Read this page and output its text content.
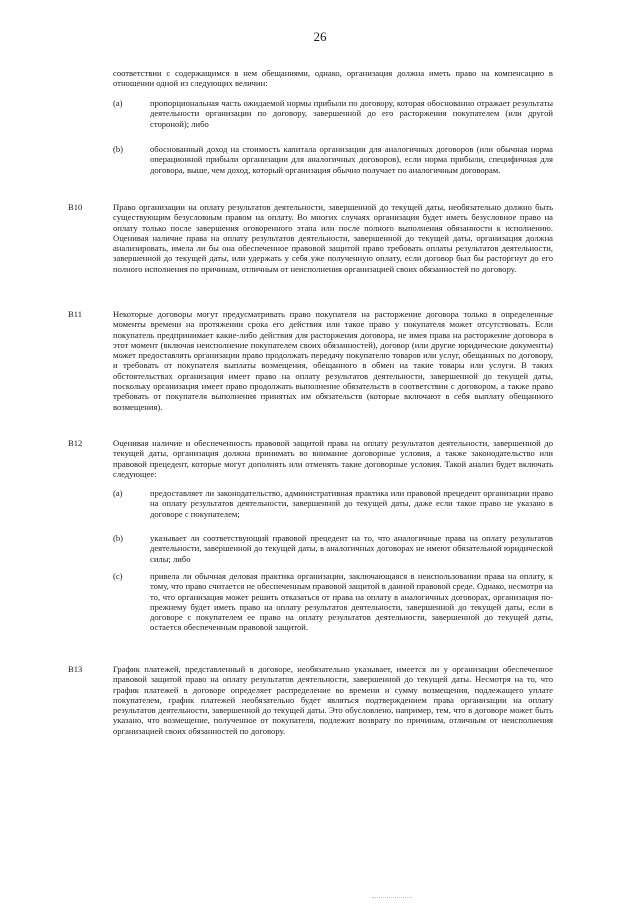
26
соответствии с содержащимся в нем обещаниями, однако, организация должна иметь право на компенсацию в отношении одной из следующих величин:
(a)	пропорциональная часть ожидаемой нормы прибыли по договору, которая обоснованно отражает результаты деятельности организации по договору, завершенной до его расторжения покупателем (или другой стороной); либо
(b)	обоснованный доход на стоимость капитала организации для аналогичных договоров (или обычная норма операционной прибыли организации для аналогичных договоров), если норма прибыли, специфичная для договора, выше, чем доход, который организация обычно получает по аналогичным договорам.
B10	Право организации на оплату результатов деятельности, завершенной до текущей даты, необязательно должно быть существующим безусловным правом на оплату. Во многих случаях организация будет иметь безусловное право на оплату только после завершения оговоренного этапа или после полного выполнения обязанности к исполнению. Оценивая наличие права на оплату результатов деятельности, завершенной до текущей даты, организация должна анализировать, имела ли бы она обеспеченное правовой защитой право требовать оплаты результатов деятельности, завершенной до текущей даты, или удержать у себя уже полученную оплату, если договор был бы расторгнут до его полного исполнения по причинам, отличным от неисполнения организацией своих обязанностей по договору.
B11	Некоторые договоры могут предусматривать право покупателя на расторжение договора только в определенные моменты времени на протяжении срока его действия или такое право у покупателя может отсутствовать. Если покупатель предпринимает какие-либо действия для расторжения договора, не имея права на расторжение договора в этот момент (включая неисполнение покупателем своих обязанностей), договор (или другие юридические документы) может предоставлять организации право продолжать передачу покупателю товаров или услуг, обещанных по договору, и требовать от покупателя выплаты возмещения, обещанного в обмен на такие товары или услуги. В таких обстоятельствах организация имеет право на оплату результатов деятельности, завершенной до текущей даты, поскольку организация имеет право продолжать выполнение обязательств в соответствии с договором, а также право требовать от покупателя выполнения принятых им обязательств (которые включают в себя выплату обещанного возмещения).
B12	Оценивая наличие и обеспеченность правовой защитой права на оплату результатов деятельности, завершенной до текущей даты, организация должна принимать во внимание договорные условия, а также законодательство или правовой прецедент, которые могут дополнять или отменять такие договорные условия. Такой анализ будет включать следующее:
(a)	предоставляет ли законодательство, административная практика или правовой прецедент организации право на оплату результатов деятельности, завершенной до текущей даты, даже если такое право не указано в договоре с покупателем;
(b)	указывает ли соответствующий правовой прецедент на то, что аналогичные права на оплату результатов деятельности, завершенной до текущей даты, в аналогичных договорах не имеют обязательной юридической силы; либо
(c)	привела ли обычная деловая практика организации, заключающаяся в неиспользовании права на оплату, к тому, что право считается не обеспеченным правовой защитой в данной правовой среде. Однако, несмотря на то, что организация может решить отказаться от права на оплату в аналогичных договорах, организация по-прежнему будет иметь право на оплату результатов деятельности, завершенной до текущей даты, если в договоре с покупателем ее право на оплату результатов деятельности, завершенной до текущей даты, остается обеспеченным правовой защитой.
B13	График платежей, представленный в договоре, необязательно указывает, имеется ли у организации обеспеченное правовой защитой право на оплату результатов деятельности, завершенной до текущей даты. Несмотря на то, что график платежей в договоре определяет распределение во времени и сумму возмещения, подлежащего уплате покупателем, график платежей необязательно будет являться подтверждением права организации на оплату результатов деятельности, завершенной до текущей даты. Это обусловлено, например, тем, что в договоре может быть указано, что возмещение, полученное от покупателя, подлежит возврату по причинам, отличным от неисполнения организацией своих обязанностей по договору.
